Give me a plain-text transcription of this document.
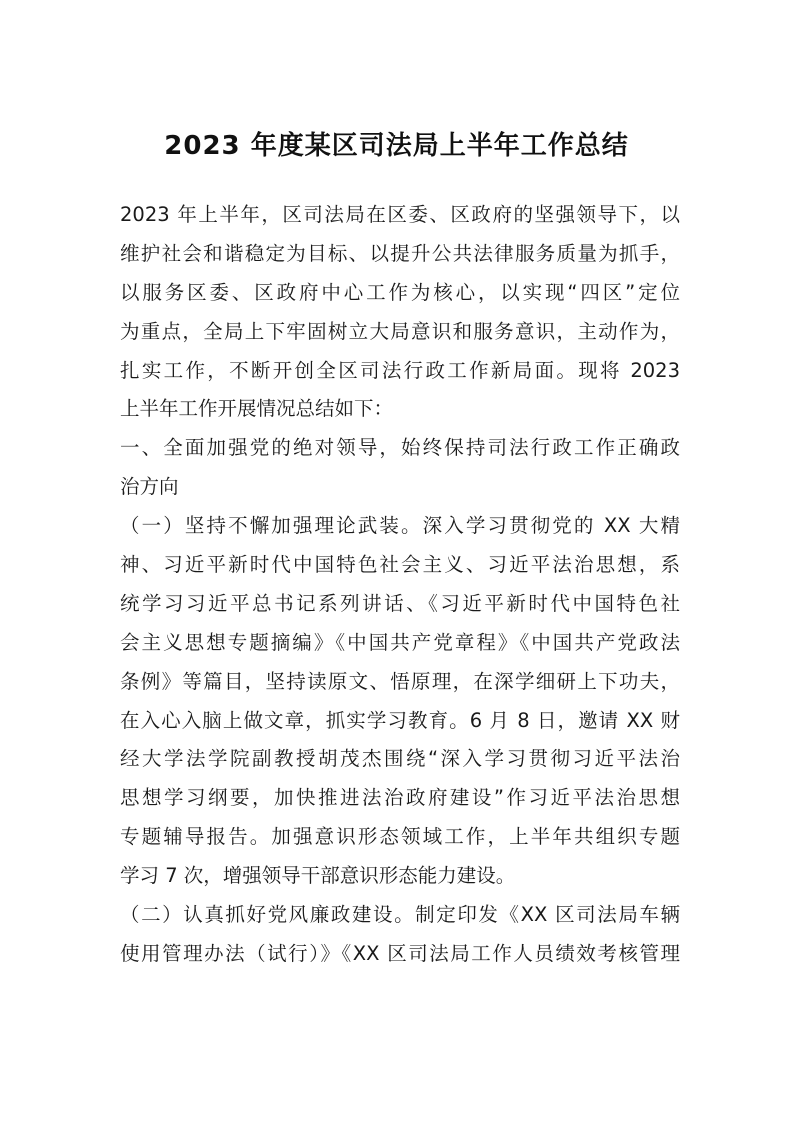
2023 年度某区司法局上半年工作总结
2023 年上半年，区司法局在区委、区政府的坚强领导下，以
维护社会和谐稳定为目标、以提升公共法律服务质量为抓手，
以服务区委、区政府中心工作为核心，以实现“四区”定位
为重点，全局上下牢固树立大局意识和服务意识，主动作为，
扎实工作，不断开创全区司法行政工作新局面。现将 2023
上半年工作开展情况总结如下：
一、全面加强党的绝对领导，始终保持司法行政工作正确政
治方向
（一）坚持不懈加强理论武装。深入学习贯彻党的 XX 大精
神、习近平新时代中国特色社会主义、习近平法治思想，系
统学习习近平总书记系列讲话、《习近平新时代中国特色社
会主义思想专题摘编》《中国共产党章程》《中国共产党政法
条例》等篇目，坚持读原文、悟原理，在深学细研上下功夫，
在入心入脑上做文章，抓实学习教育。6 月 8 日，邀请 XX 财
经大学法学院副教授胡茂杰围绕“深入学习贯彻习近平法治
思想学习纲要，加快推进法治政府建设”作习近平法治思想
专题辅导报告。加强意识形态领域工作，上半年共组织专题
学习 7 次，增强领导干部意识形态能力建设。
（二）认真抓好党风廉政建设。制定印发《XX 区司法局车辆
使用管理办法（试行）》《XX 区司法局工作人员绩效考核管理
